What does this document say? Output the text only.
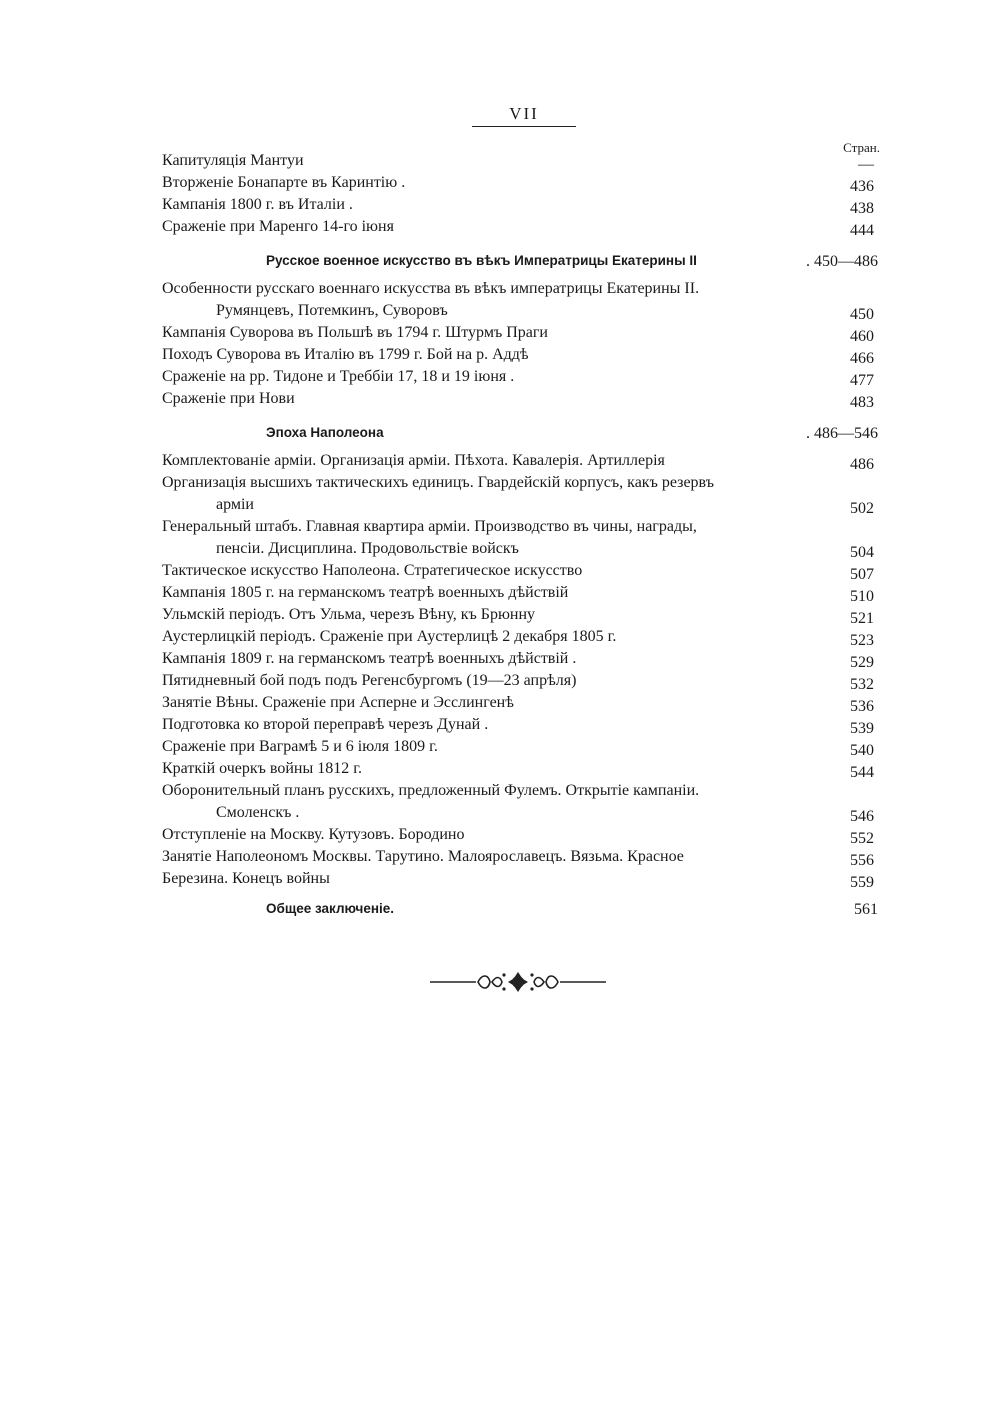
VII
Стран.
Капитуляція Мантуи	—
Вторженіе Бонапарте въ Каринтію .	436
Кампанія 1800 г. въ Италіи .	438
Сраженіе при Маренго 14-го іюня	444
Русское военное искусство въ вѣкъ Императрицы Екатерины II	. 450—486
Особенности русскаго военнаго искусства въ вѣкъ императрицы Екатерины II.
Румянцевъ, Потемкинъ, Суворовъ	450
Кампанія Суворова въ Польшѣ въ 1794 г. Штурмъ Праги	460
Походъ Суворова въ Италію въ 1799 г. Бой на р. Аддѣ	466
Сраженіе на рр. Тидоне и Треббіи 17, 18 и 19 іюня .	477
Сраженіе при Нови	483
Эпоха Наполеона	. 486—546
Комплектованіе арміи. Организація арміи. Пѣхота. Кавалерія. Артиллерія	486
Организація высшихъ тактическихъ единицъ. Гвардейскій корпусъ, какъ резервъ
арміи	502
Генеральный штабъ. Главная квартира арміи. Производство въ чины, награды,
пенсіи. Дисциплина. Продовольствіе войскъ	504
Тактическое искусство Наполеона. Стратегическое искусство	507
Кампанія 1805 г. на германскомъ театрѣ военныхъ дѣйствій	510
Ульмскій періодъ. Отъ Ульма, черезъ Вѣну, къ Брюнну	521
Аустерлицкій періодъ. Сраженіе при Аустерлицѣ 2 декабря 1805 г.	523
Кампанія 1809 г. на германскомъ театрѣ военныхъ дѣйствій .	529
Пятидневный бой подъ подъ Регенсбургомъ (19—23 апрѣля)	532
Занятіе Вѣны. Сраженіе при Асперне и Эсслингенѣ	536
Подготовка ко второй переправѣ черезъ Дунай .	539
Сраженіе при Ваграмѣ 5 и 6 іюля 1809 г.	540
Краткій очеркъ войны 1812 г.	544
Оборонительный планъ русскихъ, предложенный Фулемъ. Открытіе кампаніи.
Смоленскъ .	546
Отступленіе на Москву. Кутузовъ. Бородино	552
Занятіе Наполеономъ Москвы. Тарутино. Малоярославецъ. Вязьма. Красное	556
Березина. Конецъ войны	559
Общее заключеніе.	561
